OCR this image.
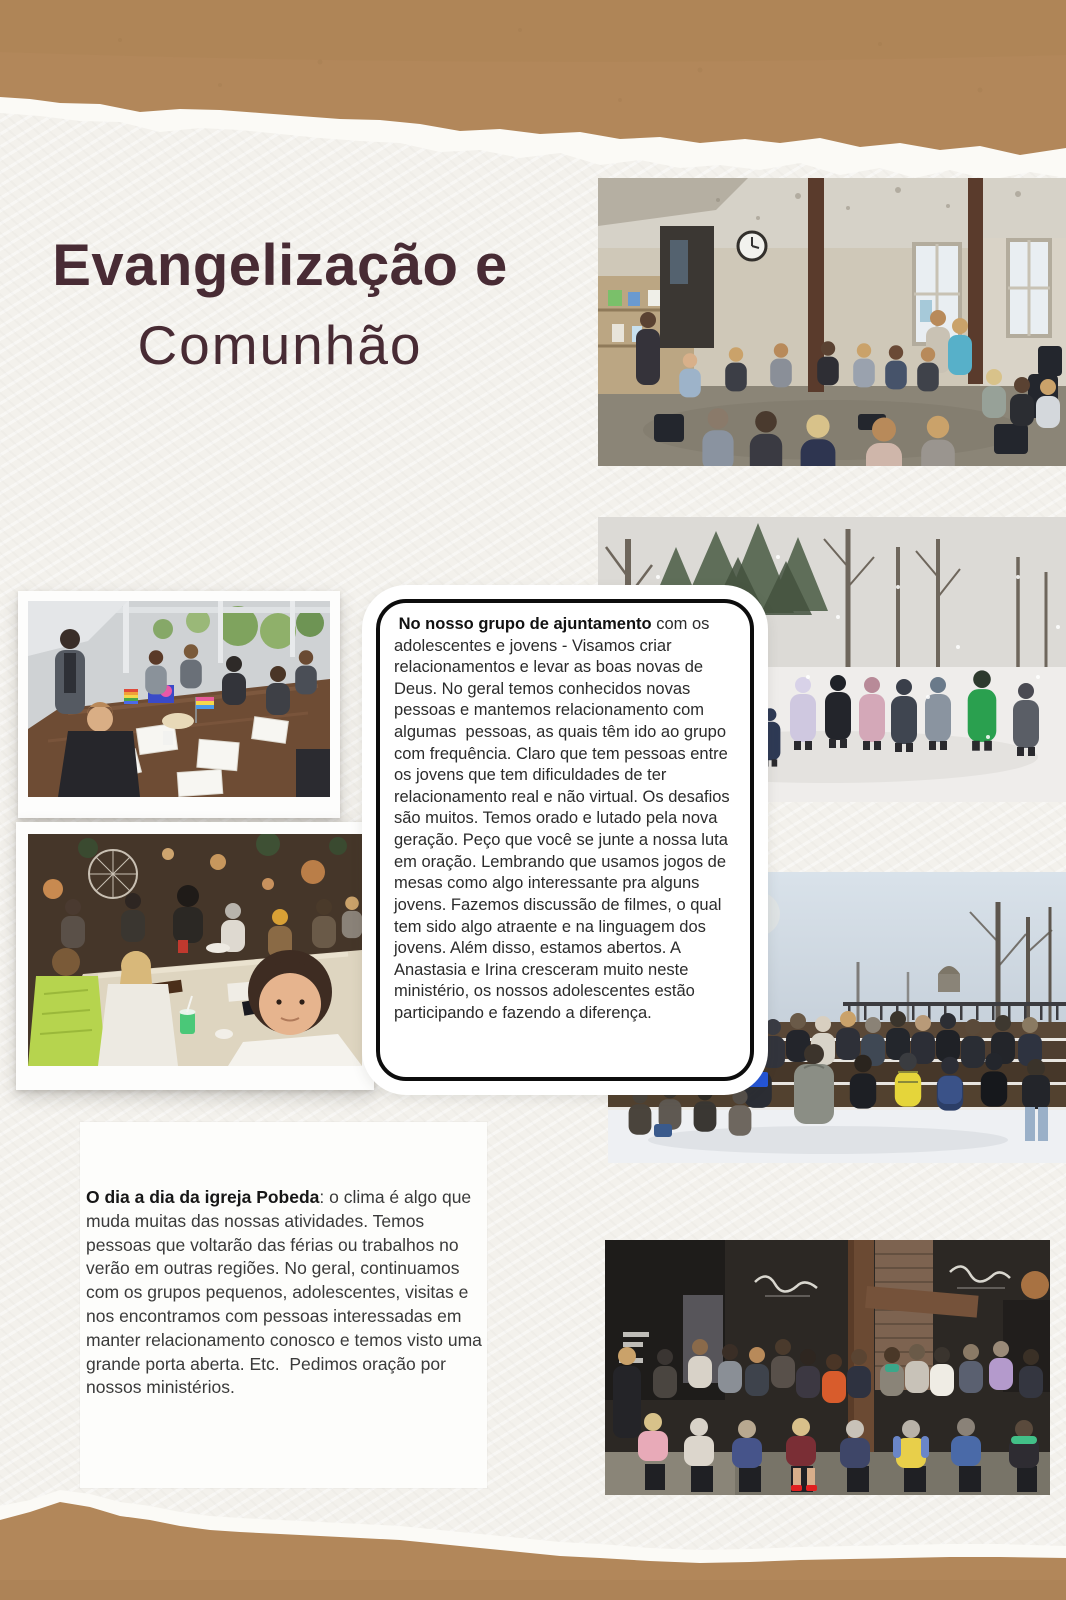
Evangelização e
Comunhão
No nosso grupo de ajuntamento com os adolescentes e jovens - Visamos criar relacionamentos e levar as boas novas de Deus. No geral temos conhecidos novas pessoas e mantemos relacionamento com algumas  pessoas, as quais têm ido ao grupo com frequência. Claro que tem pessoas entre os jovens que tem dificuldades de ter relacionamento real e não virtual. Os desafios são muitos. Temos orado e lutado pela nova geração. Peço que você se junte a nossa luta em oração. Lembrando que usamos jogos de mesas como algo interessante pra alguns jovens. Fazemos discussão de filmes, o qual tem sido algo atraente e na linguagem dos jovens. Além disso, estamos abertos. A Anastasia e Irina cresceram muito neste ministério, os nossos adolescentes estão participando e fazendo a diferença.
O dia a dia da igreja Pobeda: o clima é algo que muda muitas das nossas atividades. Temos pessoas que voltarão das férias ou trabalhos no verão em outras regiões. No geral, continuamos com os grupos pequenos, adolescentes, visitas e nos encontramos com pessoas interessadas em manter relacionamento conosco e temos visto uma grande porta aberta. Etc.  Pedimos oração por nossos ministérios.
